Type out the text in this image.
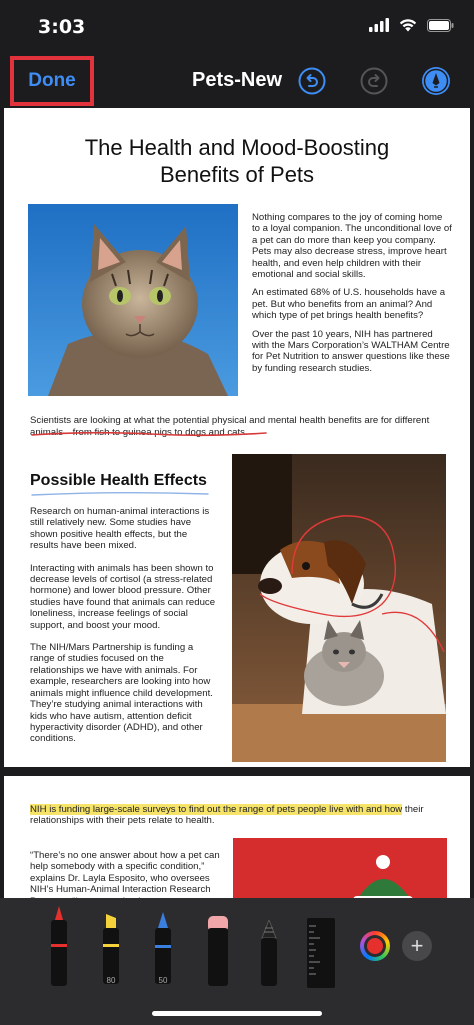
3:03
Done	Pets-New
The Health and Mood-Boosting
Benefits of Pets

Nothing compares to the joy of coming home to a loyal companion. The unconditional love of a pet can do more than keep you company. Pets may also decrease stress, improve heart health, and even help children with their emotional and social skills.

An estimated 68% of U.S. households have a pet. But who benefits from an animal? And which type of pet brings health benefits?

Over the past 10 years, NIH has partnered with the Mars Corporation’s WALTHAM Centre for Pet Nutrition to answer questions like these by funding research studies.

Scientists are looking at what the potential physical and mental health benefits are for different animals—from fish to guinea pigs to dogs and cats.
Possible Health Effects

Research on human-animal interactions is still relatively new. Some studies have shown positive health effects, but the results have been mixed.

Interacting with animals has been shown to decrease levels of cortisol (a stress-related hormone) and lower blood pressure. Other studies have found that animals can reduce loneliness, increase feelings of social support, and boost your mood.

The NIH/Mars Partnership is funding a range of studies focused on the relationships we have with animals. For example, researchers are looking into how animals might influence child development. They’re studying animal interactions with kids who have autism, attention deficit hyperactivity disorder (ADHD), and other conditions.

NIH is funding large-scale surveys to find out the range of pets people live with and how their relationships with their pets relate to health.
“There’s no one answer about how a pet can help somebody with a specific condition,” explains Dr. Layla Esposito, who oversees NIH’s Human-Animal Interaction Research
80	50
+
